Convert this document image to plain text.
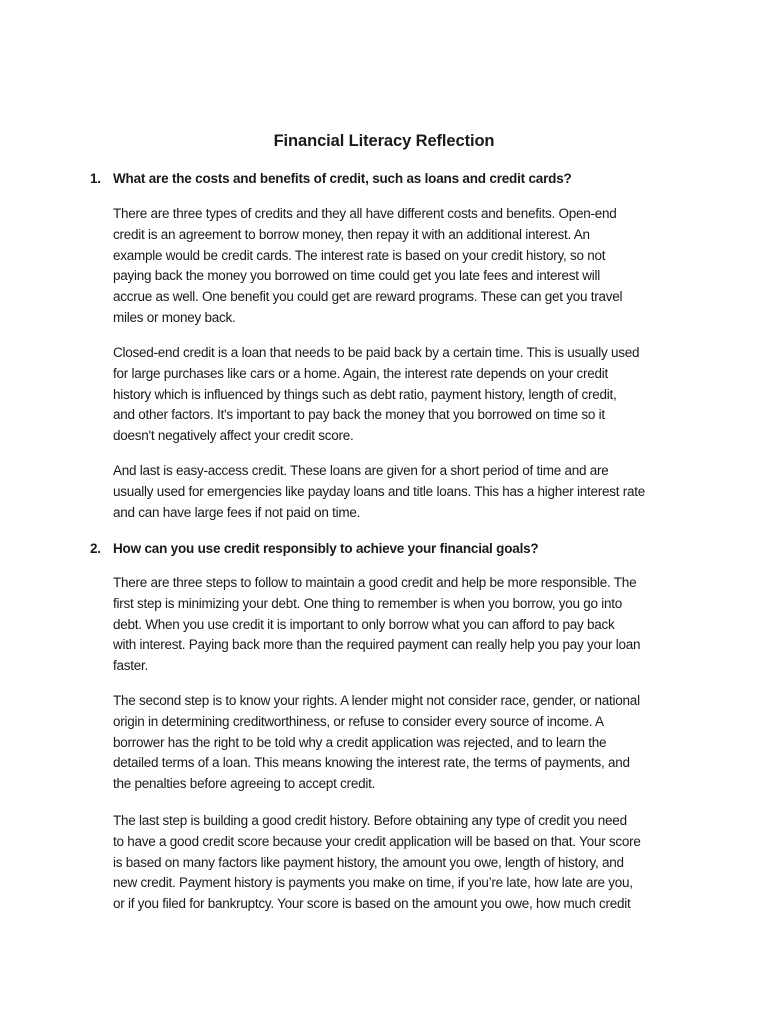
Financial Literacy Reflection
1. What are the costs and benefits of credit, such as loans and credit cards?
There are three types of credits and they all have different costs and benefits. Open-end
credit is an agreement to borrow money, then repay it with an additional interest. An
example would be credit cards. The interest rate is based on your credit history, so not
paying back the money you borrowed on time could get you late fees and interest will
accrue as well. One benefit you could get are reward programs. These can get you travel
miles or money back.
Closed-end credit is a loan that needs to be paid back by a certain time. This is usually used
for large purchases like cars or a home. Again, the interest rate depends on your credit
history which is influenced by things such as debt ratio, payment history, length of credit,
and other factors. It's important to pay back the money that you borrowed on time so it
doesn't negatively affect your credit score.
And last is easy-access credit. These loans are given for a short period of time and are
usually used for emergencies like payday loans and title loans. This has a higher interest rate
and can have large fees if not paid on time.
2. How can you use credit responsibly to achieve your financial goals?
There are three steps to follow to maintain a good credit and help be more responsible. The
first step is minimizing your debt. One thing to remember is when you borrow, you go into
debt. When you use credit it is important to only borrow what you can afford to pay back
with interest. Paying back more than the required payment can really help you pay your loan
faster.
The second step is to know your rights. A lender might not consider race, gender, or national
origin in determining creditworthiness, or refuse to consider every source of income. A
borrower has the right to be told why a credit application was rejected, and to learn the
detailed terms of a loan. This means knowing the interest rate, the terms of payments, and
the penalties before agreeing to accept credit.
The last step is building a good credit history. Before obtaining any type of credit you need
to have a good credit score because your credit application will be based on that. Your score
is based on many factors like payment history, the amount you owe, length of history, and
new credit. Payment history is payments you make on time, if you’re late, how late are you,
or if you filed for bankruptcy. Your score is based on the amount you owe, how much credit
